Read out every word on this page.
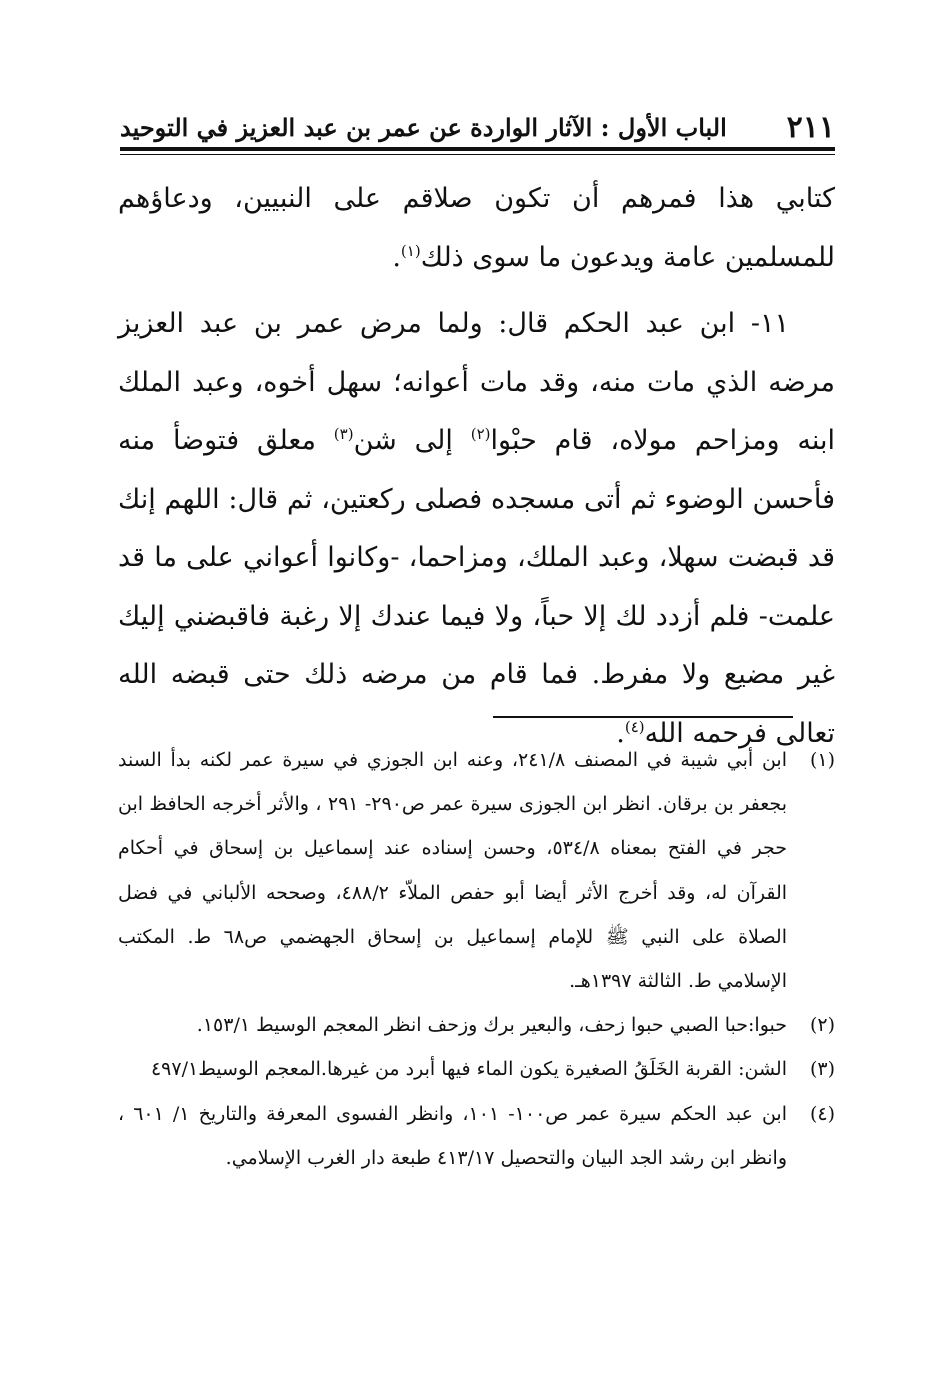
٢١١
الباب الأول : الآثار الواردة عن عمر بن عبد العزيز في التوحيد

كتابي هذا فمرهم أن تكون صلاقم على النبيين، ودعاؤهم للمسلمين عامة ويدعون ما سوى ذلك$^{(١)}$.

١١- ابن عبد الحكم قال: ولما مرض عمر بن عبد العزيز مرضه الذي مات منه، وقد مات أعوانه؛ سهل أخوه، وعبد الملك ابنه ومزاحم مولاه، قام حبْوا$^{(٢)}$ إلى شن$^{(٣)}$ معلق فتوضأ منه فأحسن الوضوء ثم أتى مسجده فصلى ركعتين، ثم قال: اللهم إنك قد قبضت سهلا، وعبد الملك، ومزاحما، -وكانوا أعواني على ما قد علمت- فلم أزدد لك إلا حباً، ولا فيما عندك إلا رغبة فاقبضني إليك غير مضيع ولا مفرط. فما قام من مرضه ذلك حتى قبضه الله تعالى فرحمه الله$^{(٤)}$.

(١)
ابن أبي شيبة في المصنف ٢٤١/٨، وعنه ابن الجوزي في سيرة عمر لكنه بدأ السند بجعفر بن برقان. انظر ابن الجوزى سيرة عمر ص٢٩٠- ٢٩١ ، والأثر أخرجه الحافظ ابن حجر في الفتح بمعناه ٥٣٤/٨، وحسن إسناده عند إسماعيل بن إسحاق في أحكام القرآن له، وقد أخرج الأثر أيضا أبو حفص الملاّء ٤٨٨/٢، وصححه الألباني في فضل الصلاة على النبي ﷺ للإمام إسماعيل بن إسحاق الجهضمي ص٦٨ ط. المكتب الإسلامي ط. الثالثة ١٣٩٧هـ.
(٢)
حبوا:حبا الصبي حبوا زحف، والبعير برك وزحف انظر المعجم الوسيط ١٥٣/١.
(٣)
الشن: القربة الخَلَقُ الصغيرة يكون الماء فيها أبرد من غيرها.المعجم الوسيط٤٩٧/١
(٤)
ابن عبد الحكم سيرة عمر ص١٠٠- ١٠١، وانظر الفسوى المعرفة والتاريخ ١/ ٦٠١ ، وانظر ابن رشد الجد البيان والتحصيل ٤١٣/١٧ طبعة دار الغرب الإسلامي.
